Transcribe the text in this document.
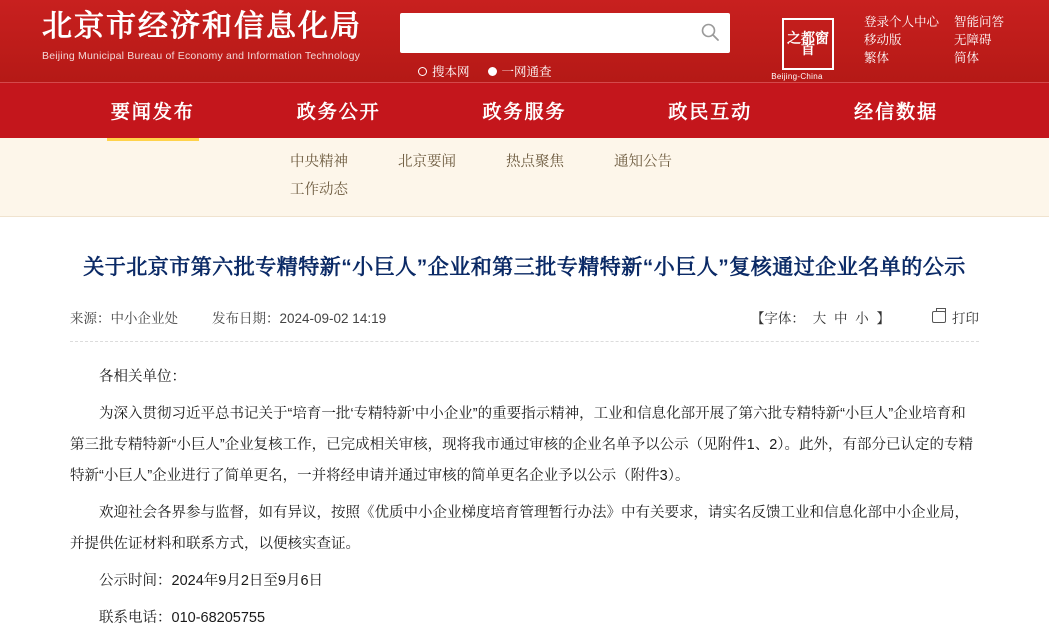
北京市经济和信息化局
Beijing Municipal Bureau of Economy and Information Technology
搜本网	一网通查
之都窗首
Beijing-China
登录个人中心	智能问答
移动版	无障碍
繁体	简体
要闻发布	政务公开	政务服务	政民互动	经信数据
中央精神	北京要闻	热点聚焦	通知公告
工作动态
关于北京市第六批专精特新“小巨人”企业和第三批专精特新“小巨人”复核通过企业名单的公示
来源：中小企业处	发布日期：2024-09-02 14:19	【字体： 大 中 小 】	打印

各相关单位：

为深入贯彻习近平总书记关于“培育一批‘专精特新’中小企业”的重要指示精神，工业和信息化部开展了第六批专精特新“小巨人”企业培育和第三批专精特新“小巨人”企业复核工作，已完成相关审核，现将我市通过审核的企业名单予以公示（见附件1、2）。此外，有部分已认定的专精特新“小巨人”企业进行了简单更名，一并将经申请并通过审核的简单更名企业予以公示（附件3）。

欢迎社会各界参与监督，如有异议，按照《优质中小企业梯度培育管理暂行办法》中有关要求，请实名反馈工业和信息化部中小企业局，并提供佐证材料和联系方式，以便核实查证。

公示时间：2024年9月2日至9月6日

联系电话：010-68205755
